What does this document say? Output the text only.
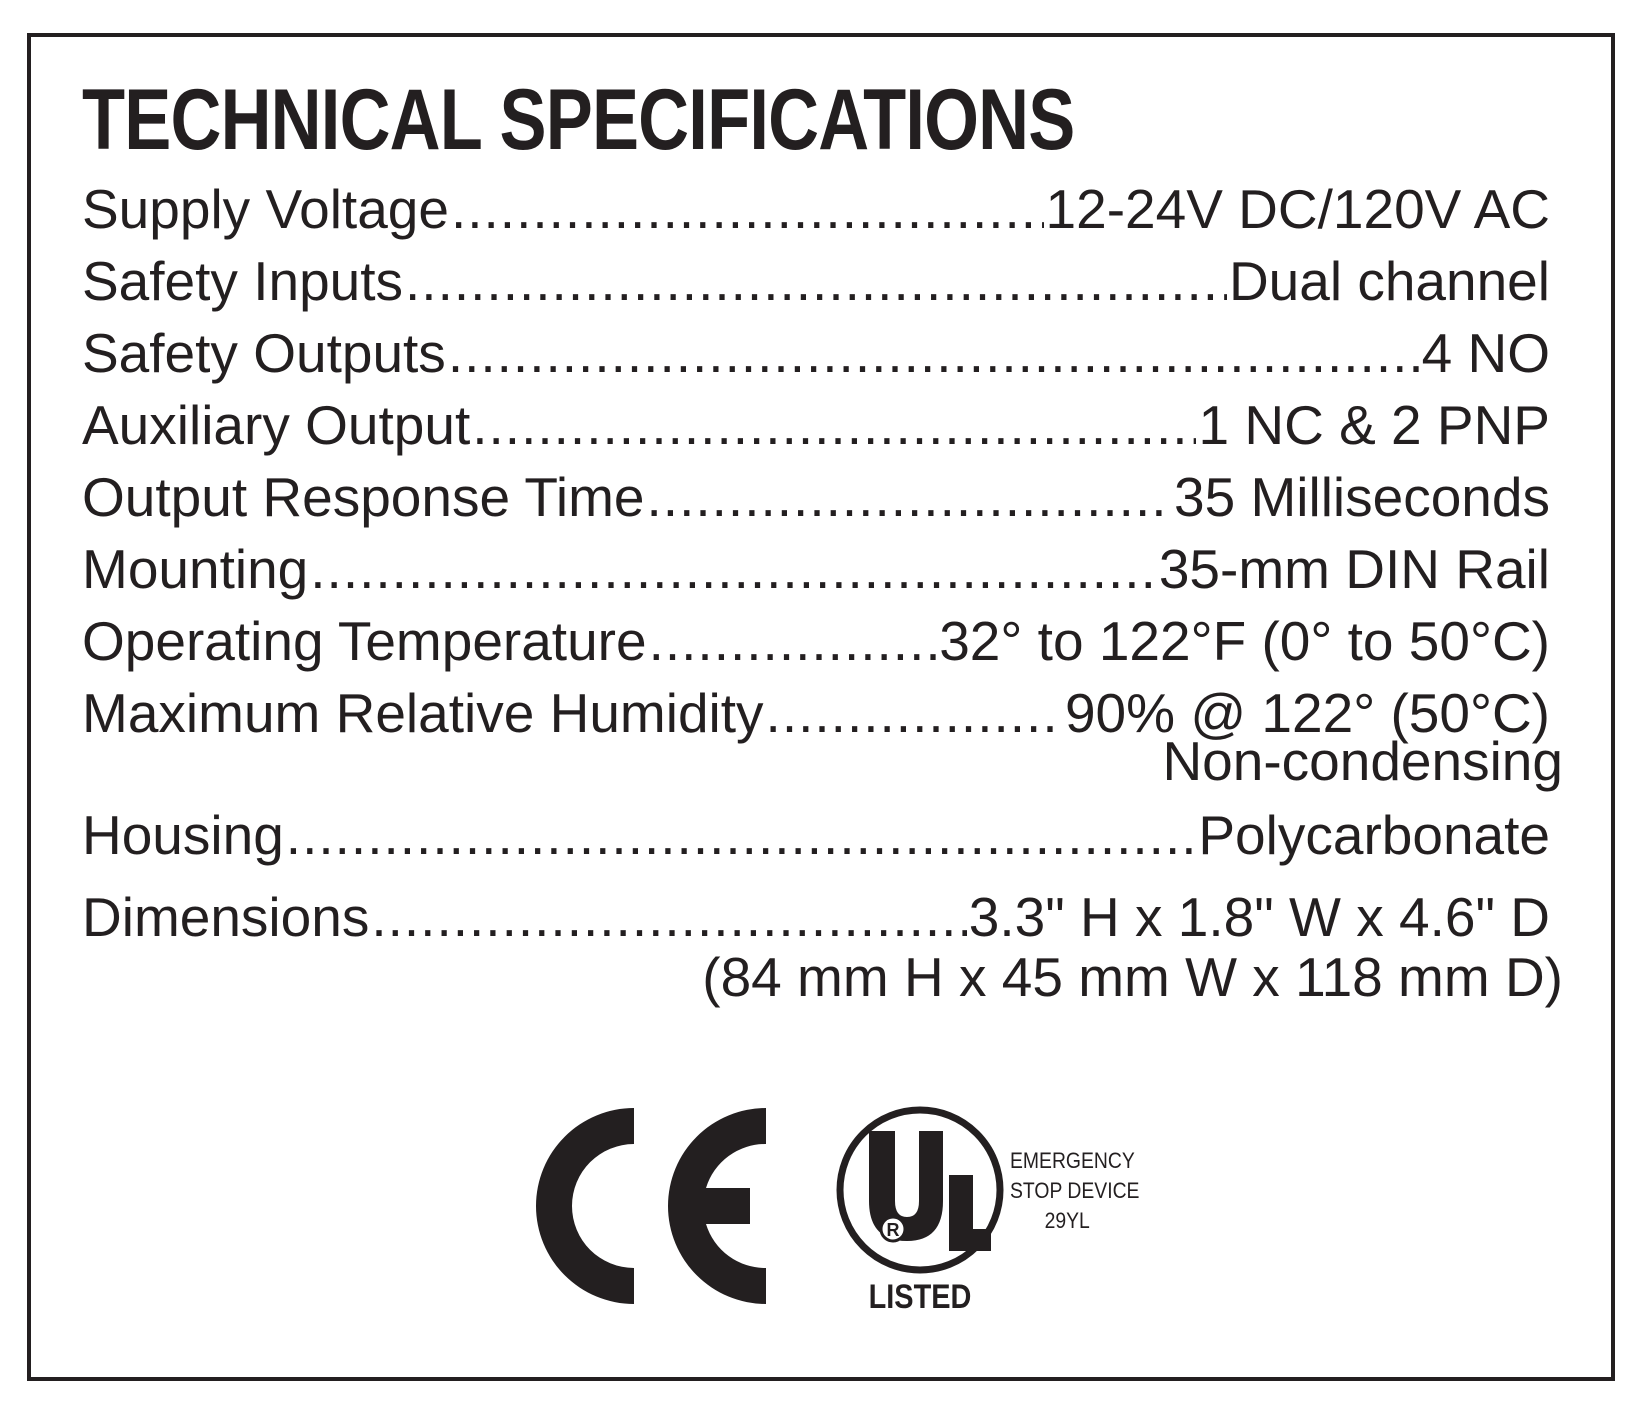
TECHNICAL SPECIFICATIONS
Supply Voltage .....	12-24V DC/120V AC
Safety Inputs .....	Dual channel
Safety Outputs .....	4 NO
Auxiliary Output .....	1 NC & 2 PNP
Output Response Time .....	35 Milliseconds
Mounting .....	35-mm DIN Rail
Operating Temperature .....	32° to 122°F (0° to 50°C)
Maximum Relative Humidity .....	90% @ 122° (50°C)
Non-condensing
Housing .....	Polycarbonate
Dimensions .....	3.3" H x 1.8" W x 4.6" D
(84 mm H x 45 mm W x 118 mm D)
R
LISTED
EMERGENCY
STOP DEVICE
29YL
